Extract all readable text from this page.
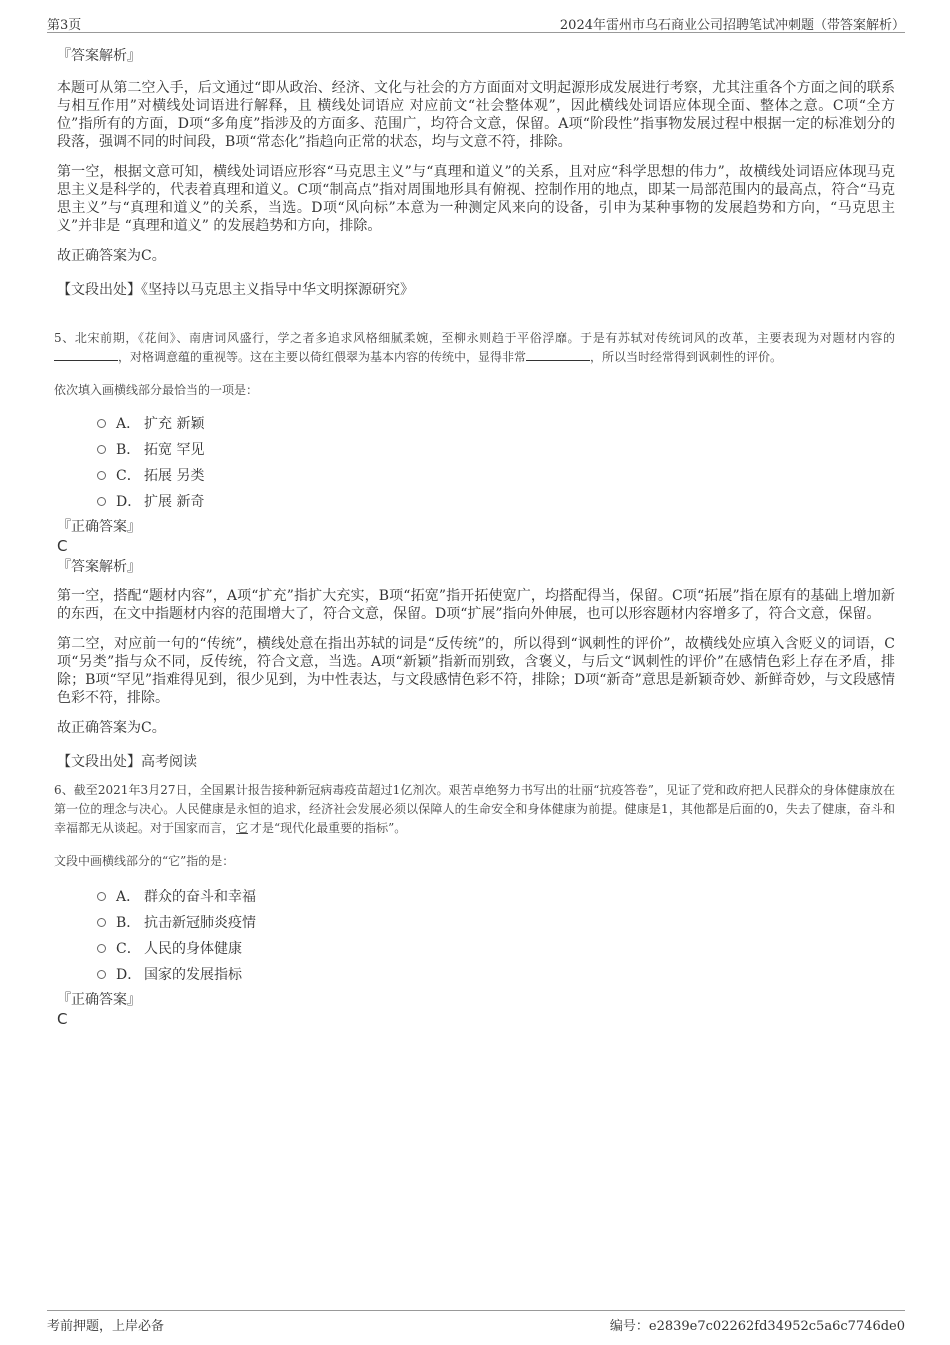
第3页	2024年雷州市乌石商业公司招聘笔试冲刺题（带答案解析）

『答案解析』

本题可从第二空入手，后文通过“即从政治、经济、文化与社会的方方面面对文明起源形成发展进行考察，尤其注重各个方面之间的联系与相互作用”对横线处词语进行解释，且 横线处词语应 对应前文“社会整体观”，因此横线处词语应体现全面、整体之意。C项“全方位”指所有的方面，D项“多角度”指涉及的方面多、范围广，均符合文意，保留。A项“阶段性”指事物发展过程中根据一定的标准划分的段落，强调不同的时间段，B项“常态化”指趋向正常的状态，均与文意不符，排除。

第一空，根据文意可知，横线处词语应形容“马克思主义”与“真理和道义”的关系，且对应“科学思想的伟力”，故横线处词语应体现马克思主义是科学的，代表着真理和道义。C项“制高点”指对周围地形具有俯视、控制作用的地点，即某一局部范围内的最高点，符合“马克思主义”与“真理和道义”的关系，当选。D项“风向标”本意为一种测定风来向的设备，引申为某种事物的发展趋势和方向，“马克思主义”并非是 “真理和道义” 的发展趋势和方向，排除。

故正确答案为C。

【文段出处】《坚持以马克思主义指导中华文明探源研究》

5、北宋前期，《花间》、南唐词风盛行，学之者多追求风格细腻柔婉，至柳永则趋于平俗浮靡。于是有苏轼对传统词风的改革，主要表现为对题材内容的，对格调意蕴的重视等。这在主要以倚红偎翠为基本内容的传统中，显得非常	，所以当时经常得到讽刺性的评价。

依次填入画横线部分最恰当的一项是：

A． 扩充 新颖
B． 拓宽 罕见
C． 拓展 另类
D． 扩展 新奇

『正确答案』

C

『答案解析』

第一空，搭配“题材内容”，A项“扩充”指扩大充实，B项“拓宽”指开拓使宽广，均搭配得当，保留。C项“拓展”指在原有的基础上增加新的东西，在文中指题材内容的范围增大了，符合文意，保留。D项“扩展”指向外伸展，也可以形容题材内容增多了，符合文意，保留。

第二空，对应前一句的“传统”，横线处意在指出苏轼的词是“反传统”的，所以得到“讽刺性的评价”，故横线处应填入含贬义的词语，C项“另类”指与众不同，反传统，符合文意，当选。A项“新颖”指新而别致，含褒义，与后文“讽刺性的评价”在感情色彩上存在矛盾，排除；B项“罕见”指难得见到，很少见到，为中性表达，与文段感情色彩不符，排除；D项“新奇”意思是新颖奇妙、新鲜奇妙，与文段感情色彩不符，排除。

故正确答案为C。

【文段出处】高考阅读

6、截至2021年3月27日，全国累计报告接种新冠病毒疫苗超过1亿剂次。艰苦卓绝努力书写出的壮丽“抗疫答卷”，见证了党和政府把人民群众的身体健康放在第一位的理念与决心。人民健康是永恒的追求，经济社会发展必须以保障人的生命安全和身体健康为前提。健康是1，其他都是后面的0，失去了健康，奋斗和幸福都无从谈起。对于国家而言， 它 才是“现代化最重要的指标”。

文段中画横线部分的“它”指的是：

A． 群众的奋斗和幸福
B． 抗击新冠肺炎疫情
C． 人民的身体健康
D． 国家的发展指标

『正确答案』

C

考前押题，上岸必备	编号：e2839e7c02262fd34952c5a6c7746de0
